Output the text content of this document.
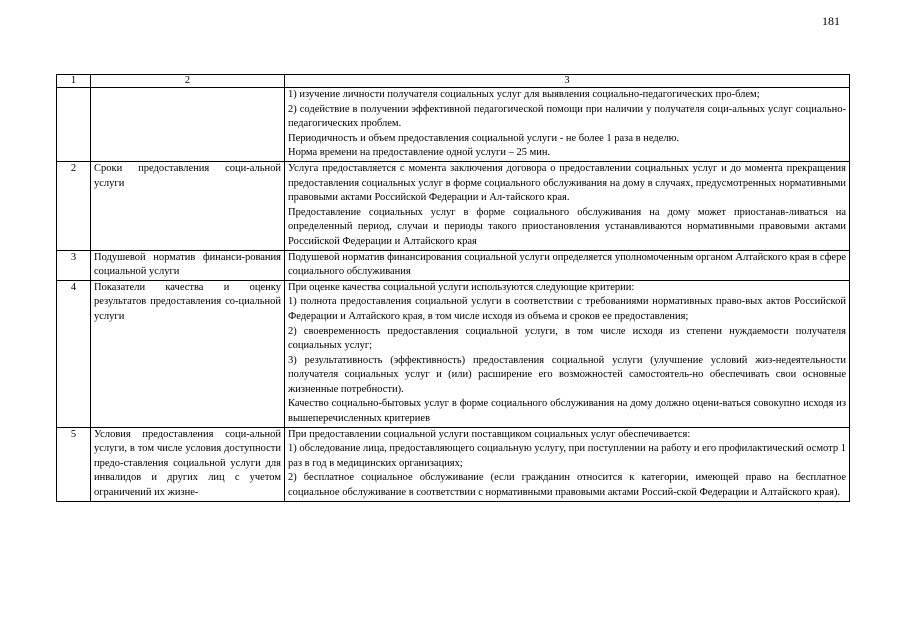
181
1	2	3

		1) изучение личности получателя социальных услуг для выявления социально-педагогических про-блем;
2) содействие в получении эффективной педагогической помощи при наличии у получателя соци-альных услуг социально-педагогических проблем.
Периодичность и объем предоставления социальной услуги - не более 1 раза в неделю.
Норма времени на предоставление одной услуги – 25 мин.

2	Сроки предоставления соци-альной услуги	Услуга предоставляется с момента заключения договора о предоставлении социальных услуг и до момента прекращения предоставления социальных услуг в форме социального обслуживания на дому в случаях, предусмотренных нормативными правовыми актами Российской Федерации и Ал-тайского края.
Предоставление социальных услуг в форме социального обслуживания на дому может приостанав-ливаться на определенный период, случаи и периоды такого приостановления устанавливаются нормативными правовыми актами Российской Федерации и Алтайского края

3	Подушевой норматив финанси-рования социальной услуги	Подушевой норматив финансирования социальной услуги определяется уполномоченным органом Алтайского края в сфере социального обслуживания

4	Показатели качества и оценку результатов предоставления со-циальной услуги	При оценке качества социальной услуги используются следующие критерии:
1) полнота предоставления социальной услуги в соответствии с требованиями нормативных право-вых актов Российской Федерации и Алтайского края, в том числе исходя из объема и сроков ее предоставления;
2) своевременность предоставления социальной услуги, в том числе исходя из степени нуждаемости получателя социальных услуг;
3) результативность (эффективность) предоставления социальной услуги (улучшение условий жиз-недеятельности получателя социальных услуг и (или) расширение его возможностей самостоятель-но обеспечивать свои основные жизненные потребности).
Качество социально-бытовых услуг в форме социального обслуживания на дому должно оцени-ваться совокупно исходя из вышеперечисленных критериев

5	Условия предоставления соци-альной услуги, в том числе условия доступности предо-ставления социальной услуги для инвалидов и других лиц с учетом ограничений их жизне-	При предоставлении социальной услуги поставщиком социальных услуг обеспечивается:
1) обследование лица, предоставляющего социальную услугу, при поступлении на работу и его профилактический осмотр 1 раз в год в медицинских организациях;
2) бесплатное социальное обслуживание (если гражданин относится к категории, имеющей право на бесплатное социальное обслуживание в соответствии с нормативными правовыми актами Россий-ской Федерации и Алтайского края).
